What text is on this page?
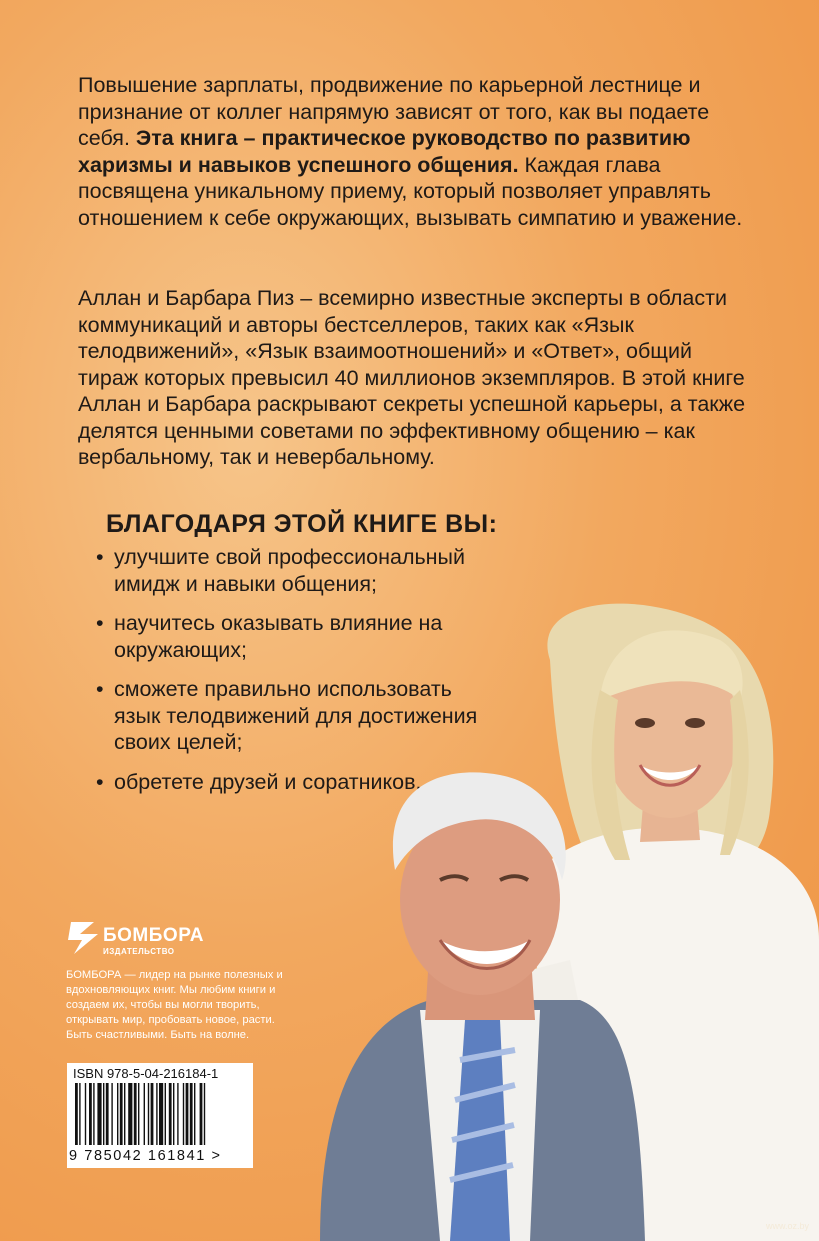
Повышение зарплаты, продвижение по карьерной лестнице и признание от коллег напрямую зависят от того, как вы подаете себя. Эта книга – практическое руководство по развитию харизмы и навыков успешного общения. Каждая глава посвящена уникальному приему, который позволяет управлять отношением к себе окружающих, вызывать симпатию и уважение.
Аллан и Барбара Пиз – всемирно известные эксперты в области коммуникаций и авторы бестселлеров, таких как «Язык телодвижений», «Язык взаимоотношений» и «Ответ», общий тираж которых превысил 40 миллионов экземпляров. В этой книге Аллан и Барбара раскрывают секреты успешной карьеры, а также делятся ценными советами по эффективному общению – как вербальному, так и невербальному.
БЛАГОДАРЯ ЭТОЙ КНИГЕ ВЫ:
• улучшите свой профессиональный имидж и навыки общения;
• научитесь оказывать влияние на окружающих;
• сможете правильно использовать язык телодвижений для достижения своих целей;
• обретете друзей и соратников.
БОМБОРА
ИЗДАТЕЛЬСТВО
БОМБОРА — лидер на рынке полезных и вдохновляющих книг. Мы любим книги и создаем их, чтобы вы могли творить, открывать мир, пробовать новое, расти. Быть счастливыми. Быть на волне.
ISBN 978-5-04-216184-1
9 785042 161841 >
www.oz.by
